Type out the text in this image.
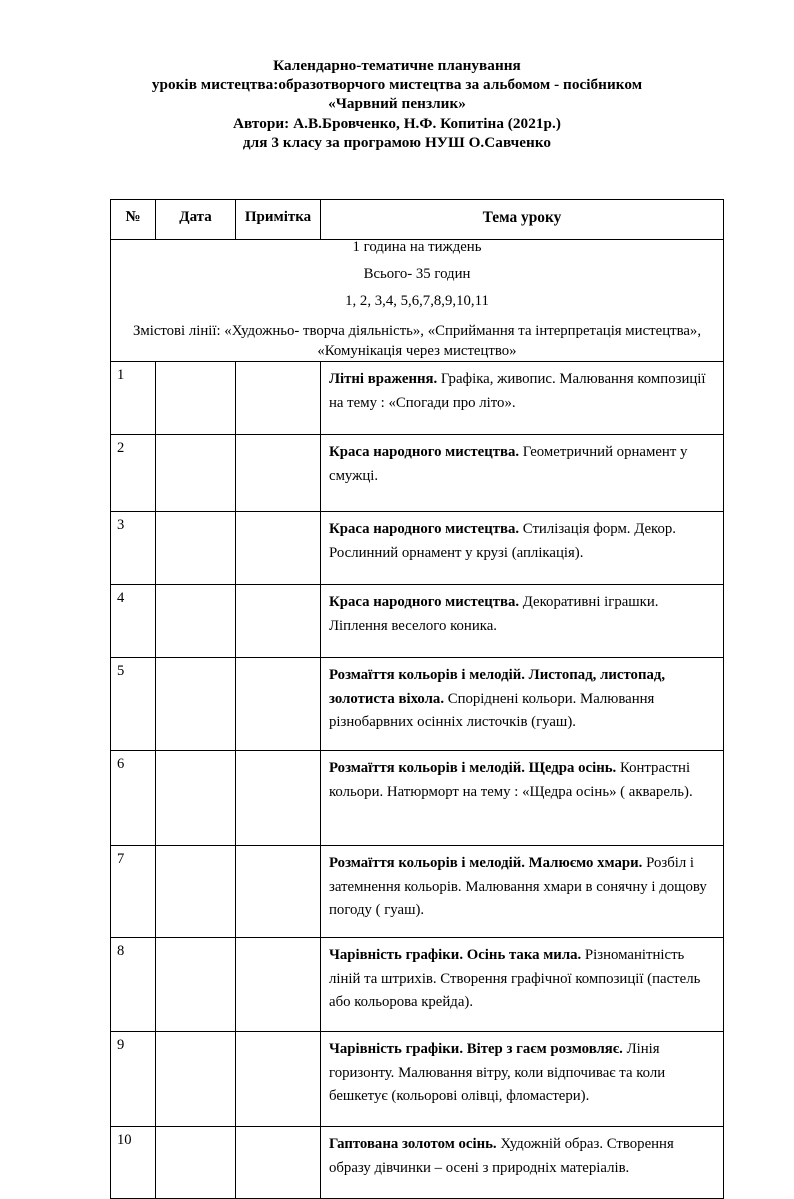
Календарно-тематичне планування
уроків мистецтва:образотворчого мистецтва за альбомом - посібником
«Чарвний пензлик»
Автори: А.В.Бровченко, Н.Ф. Копитіна (2021р.)
для 3 класу за програмою НУШ О.Савченко
№	Дата	Примітка	Тема уроку

1 година на тиждень

Всього- 35 годин

1, 2, 3,4, 5,6,7,8,9,10,11

Змістові лінії: «Художньо- творча діяльність», «Сприймання та інтерпретація мистецтва», «Комунікація через мистецтво»			

1			Літні враження. Графіка, живопис. Малювання композиції на тему : «Спогади про літо».
2			Краса народного мистецтва. Геометричний орнамент у смужці.
3			Краса народного мистецтва. Стилізація форм. Декор. Рослинний орнамент у крузі (аплікація).
4			Краса народного мистецтва. Декоративні іграшки. Ліплення веселого коника.
5			Розмаїття кольорів і мелодій. Листопад, листопад, золотиста віхола. Споріднені кольори. Малювання різнобарвних осінніх листочків (гуаш).
6			Розмаїття кольорів і мелодій. Щедра осінь. Контрастні кольори. Натюрморт на тему : «Щедра осінь» ( акварель).
7			Розмаїття кольорів і мелодій. Малюємо хмари. Розбіл і затемнення кольорів. Малювання хмари в сонячну і дощову погоду ( гуаш).
8			Чарівність графіки. Осінь така мила. Різноманітність ліній та штрихів. Створення графічної композиції (пастель або кольорова крейда).
9			Чарівність графіки. Вітер з гаєм розмовляє. Лінія горизонту. Малювання вітру, коли відпочиває та коли бешкетує (кольорові олівці, фломастери).
10			Гаптована золотом осінь. Художній образ. Створення образу дівчинки – осені з природніх матеріалів.
